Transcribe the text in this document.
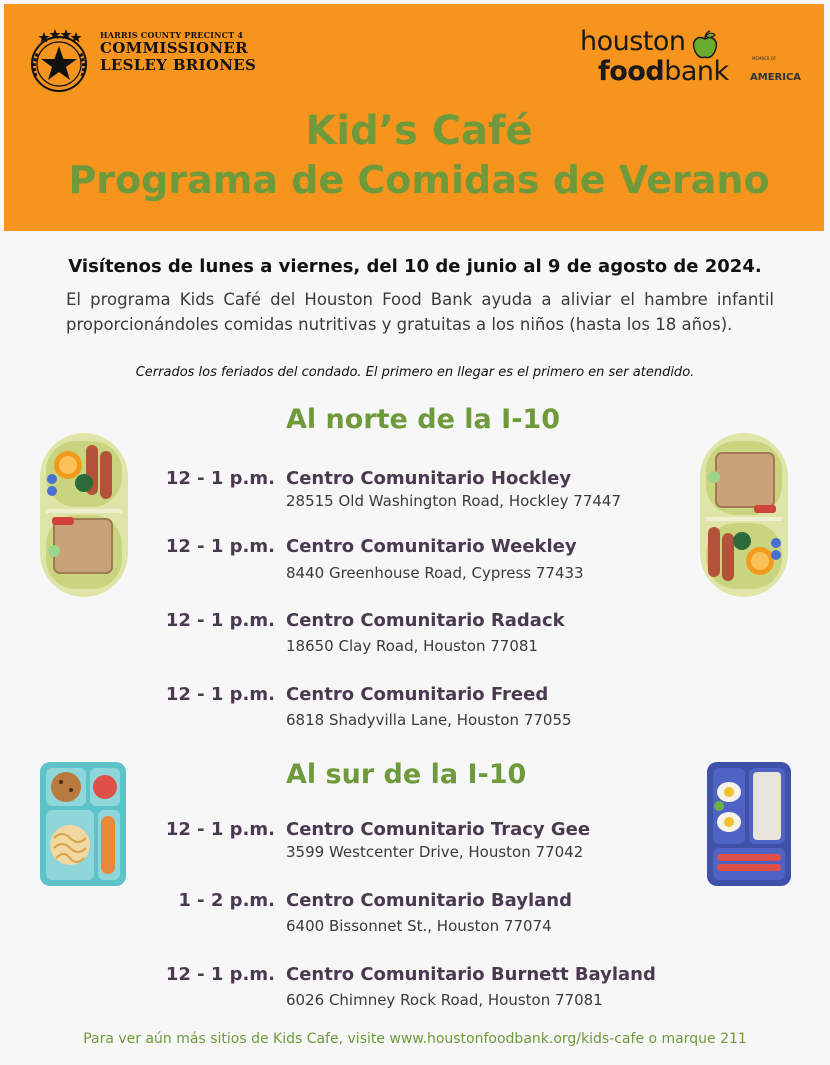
HARRIS COUNTY PRECINCT 4
COMMISSIONER
LESLEY BRIONES
houston
foodbank	MEMBER OF
AMERICA
Kid’s Café
Programa de Comidas de Verano
Visítenos de lunes a viernes, del 10 de junio al 9 de agosto de 2024.
El programa Kids Café del Houston Food Bank ayuda a aliviar el hambre infantil proporcionándoles comidas nutritivas y gratuitas a los niños (hasta los 18 años).
Cerrados los feriados del condado. El primero en llegar es el primero en ser atendido.
Al norte de la I-10
12 - 1 p.m. Centro Comunitario Hockley
28515 Old Washington Road, Hockley 77447
12 - 1 p.m. Centro Comunitario Weekley
8440 Greenhouse Road, Cypress 77433
12 - 1 p.m. Centro Comunitario Radack
18650 Clay Road, Houston 77081
12 - 1 p.m. Centro Comunitario Freed
6818 Shadyvilla Lane, Houston 77055
Al sur de la I-10
12 - 1 p.m. Centro Comunitario Tracy Gee
3599 Westcenter Drive, Houston 77042
1 - 2 p.m. Centro Comunitario Bayland
6400 Bissonnet St., Houston 77074
12 - 1 p.m. Centro Comunitario Burnett Bayland
6026 Chimney Rock Road, Houston 77081
Para ver aún más sitios de Kids Cafe, visite www.houstonfoodbank.org/kids-cafe o marque 211
